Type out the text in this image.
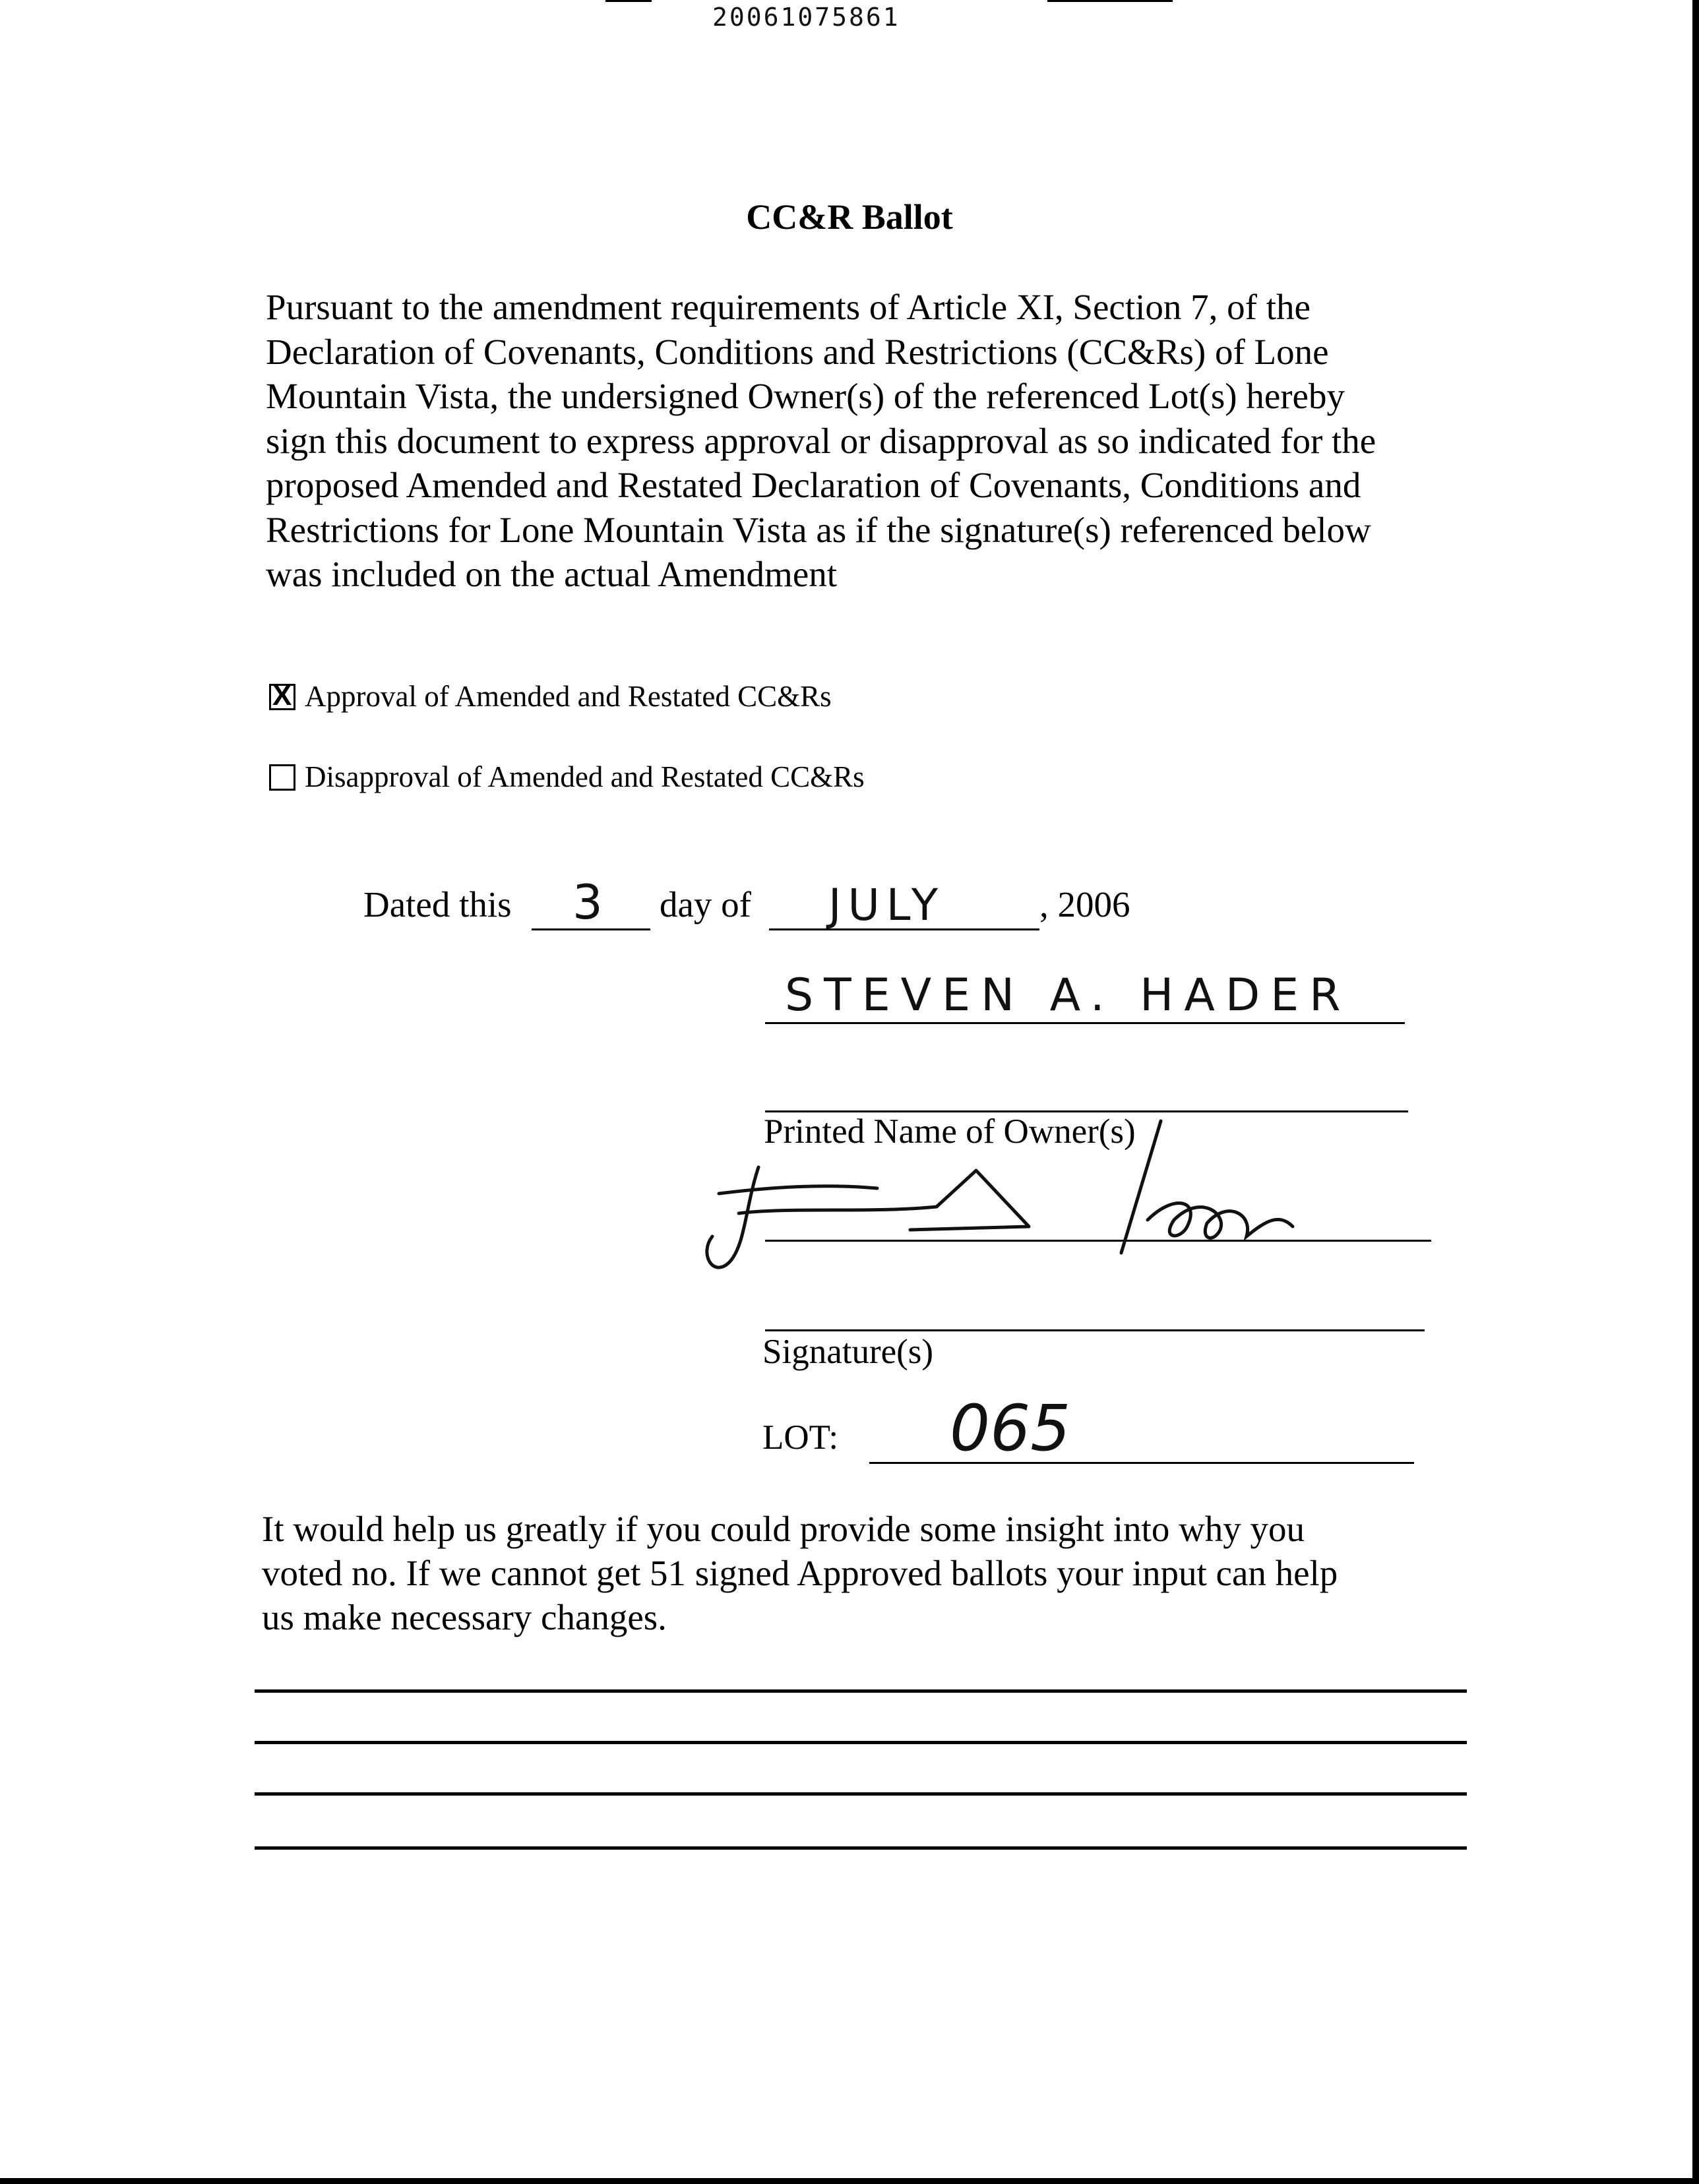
20061075861
CC&R Ballot
Pursuant to the amendment requirements of Article XI, Section 7, of the
Declaration of Covenants, Conditions and Restrictions (CC&Rs) of Lone
Mountain Vista, the undersigned Owner(s) of the referenced Lot(s) hereby
sign this document to express approval or disapproval as so indicated for the
proposed Amended and Restated Declaration of Covenants, Conditions and
Restrictions for Lone Mountain Vista as if the signature(s) referenced below
was included on the actual Amendment
X Approval of Amended and Restated CC&Rs
Disapproval of Amended and Restated CC&Rs
Dated this 3 day of JULY	, 2006
STEVEN A. HADER
Printed Name of Owner(s)
Signature(s)
LOT: 065
It would help us greatly if you could provide some insight into why you
voted no. If we cannot get 51 signed Approved ballots your input can help
us make necessary changes.
